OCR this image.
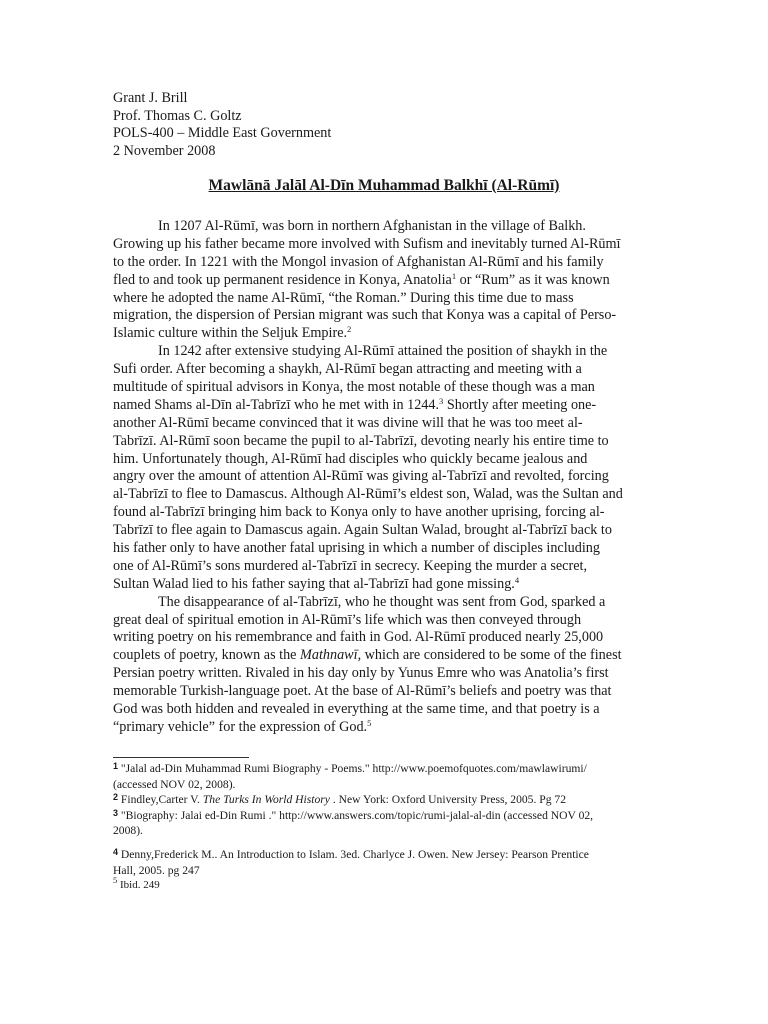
Grant J. Brill
Prof. Thomas C. Goltz
POLS-400 – Middle East Government
2 November 2008
Mawlānā Jalāl Al-Dīn Muhammad Balkhī (Al-Rūmī)
In 1207 Al-Rūmī, was born in northern Afghanistan in the village of Balkh.
Growing up his father became more involved with Sufism and inevitably turned Al-Rūmī
to the order. In 1221 with the Mongol invasion of Afghanistan Al-Rūmī and his family
fled to and took up permanent residence in Konya, Anatolia$^1$ or “Rum” as it was known
where he adopted the name Al-Rūmī, “the Roman.” During this time due to mass
migration, the dispersion of Persian migrant was such that Konya was a capital of Perso-
Islamic culture within the Seljuk Empire.$^2$
In 1242 after extensive studying Al-Rūmī attained the position of shaykh in the
Sufi order. After becoming a shaykh, Al-Rūmī began attracting and meeting with a
multitude of spiritual advisors in Konya, the most notable of these though was a man
named Shams al-Dīn al-Tabrīzī who he met with in 1244.$^3$ Shortly after meeting one-
another Al-Rūmī became convinced that it was divine will that he was too meet al-
Tabrīzī. Al-Rūmī soon became the pupil to al-Tabrīzī, devoting nearly his entire time to
him. Unfortunately though, Al-Rūmī had disciples who quickly became jealous and
angry over the amount of attention Al-Rūmī was giving al-Tabrīzī and revolted, forcing
al-Tabrīzī to flee to Damascus. Although Al-Rūmī’s eldest son, Walad, was the Sultan and
found al-Tabrīzī bringing him back to Konya only to have another uprising, forcing al-
Tabrīzī to flee again to Damascus again. Again Sultan Walad, brought al-Tabrīzī back to
his father only to have another fatal uprising in which a number of disciples including
one of Al-Rūmī’s sons murdered al-Tabrīzī in secrecy. Keeping the murder a secret,
Sultan Walad lied to his father saying that al-Tabrīzī had gone missing.$^4$
The disappearance of al-Tabrīzī, who he thought was sent from God, sparked a
great deal of spiritual emotion in Al-Rūmī’s life which was then conveyed through
writing poetry on his remembrance and faith in God. Al-Rūmī produced nearly 25,000
couplets of poetry, known as the Mathnawī, which are considered to be some of the finest
Persian poetry written. Rivaled in his day only by Yunus Emre who was Anatolia’s first
memorable Turkish-language poet. At the base of Al-Rūmī’s beliefs and poetry was that
God was both hidden and revealed in everything at the same time, and that poetry is a
“primary vehicle” for the expression of God.$^5$
$^1$ "Jalal ad-Din Muhammad Rumi Biography - Poems." http://www.poemofquotes.com/mawlawirumi/
(accessed NOV 02, 2008).
$^2$ Findley,Carter V. The Turks In World History . New York: Oxford University Press, 2005. Pg 72
$^3$ "Biography: Jalai ed-Din Rumi ." http://www.answers.com/topic/rumi-jalal-al-din (accessed NOV 02,
2008).
$^4$ Denny,Frederick M.. An Introduction to Islam. 3ed. Charlyce J. Owen. New Jersey: Pearson Prentice
Hall, 2005. pg 247
$^5$ Ibid. 249
